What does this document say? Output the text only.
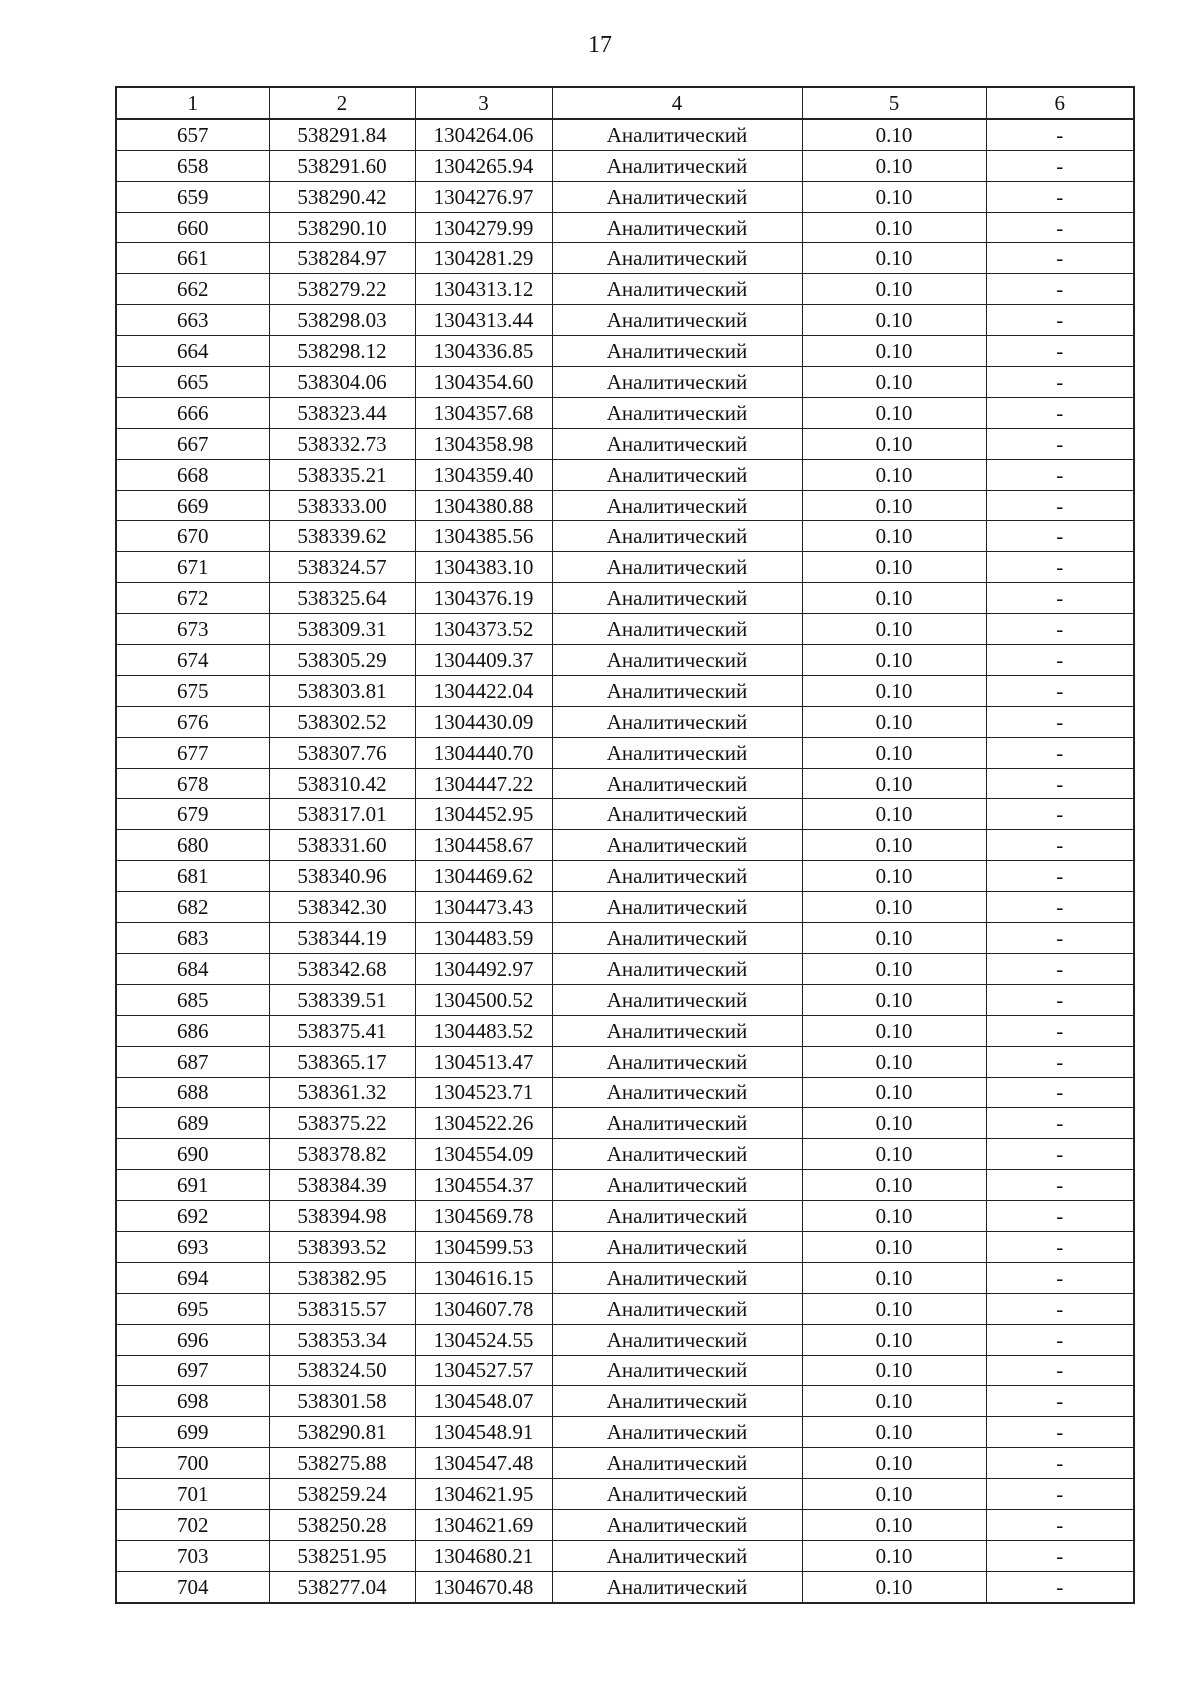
17
1	2	3	4	5	6
657	538291.84	1304264.06	Аналитический	0.10	-
658	538291.60	1304265.94	Аналитический	0.10	-
659	538290.42	1304276.97	Аналитический	0.10	-
660	538290.10	1304279.99	Аналитический	0.10	-
661	538284.97	1304281.29	Аналитический	0.10	-
662	538279.22	1304313.12	Аналитический	0.10	-
663	538298.03	1304313.44	Аналитический	0.10	-
664	538298.12	1304336.85	Аналитический	0.10	-
665	538304.06	1304354.60	Аналитический	0.10	-
666	538323.44	1304357.68	Аналитический	0.10	-
667	538332.73	1304358.98	Аналитический	0.10	-
668	538335.21	1304359.40	Аналитический	0.10	-
669	538333.00	1304380.88	Аналитический	0.10	-
670	538339.62	1304385.56	Аналитический	0.10	-
671	538324.57	1304383.10	Аналитический	0.10	-
672	538325.64	1304376.19	Аналитический	0.10	-
673	538309.31	1304373.52	Аналитический	0.10	-
674	538305.29	1304409.37	Аналитический	0.10	-
675	538303.81	1304422.04	Аналитический	0.10	-
676	538302.52	1304430.09	Аналитический	0.10	-
677	538307.76	1304440.70	Аналитический	0.10	-
678	538310.42	1304447.22	Аналитический	0.10	-
679	538317.01	1304452.95	Аналитический	0.10	-
680	538331.60	1304458.67	Аналитический	0.10	-
681	538340.96	1304469.62	Аналитический	0.10	-
682	538342.30	1304473.43	Аналитический	0.10	-
683	538344.19	1304483.59	Аналитический	0.10	-
684	538342.68	1304492.97	Аналитический	0.10	-
685	538339.51	1304500.52	Аналитический	0.10	-
686	538375.41	1304483.52	Аналитический	0.10	-
687	538365.17	1304513.47	Аналитический	0.10	-
688	538361.32	1304523.71	Аналитический	0.10	-
689	538375.22	1304522.26	Аналитический	0.10	-
690	538378.82	1304554.09	Аналитический	0.10	-
691	538384.39	1304554.37	Аналитический	0.10	-
692	538394.98	1304569.78	Аналитический	0.10	-
693	538393.52	1304599.53	Аналитический	0.10	-
694	538382.95	1304616.15	Аналитический	0.10	-
695	538315.57	1304607.78	Аналитический	0.10	-
696	538353.34	1304524.55	Аналитический	0.10	-
697	538324.50	1304527.57	Аналитический	0.10	-
698	538301.58	1304548.07	Аналитический	0.10	-
699	538290.81	1304548.91	Аналитический	0.10	-
700	538275.88	1304547.48	Аналитический	0.10	-
701	538259.24	1304621.95	Аналитический	0.10	-
702	538250.28	1304621.69	Аналитический	0.10	-
703	538251.95	1304680.21	Аналитический	0.10	-
704	538277.04	1304670.48	Аналитический	0.10	-
